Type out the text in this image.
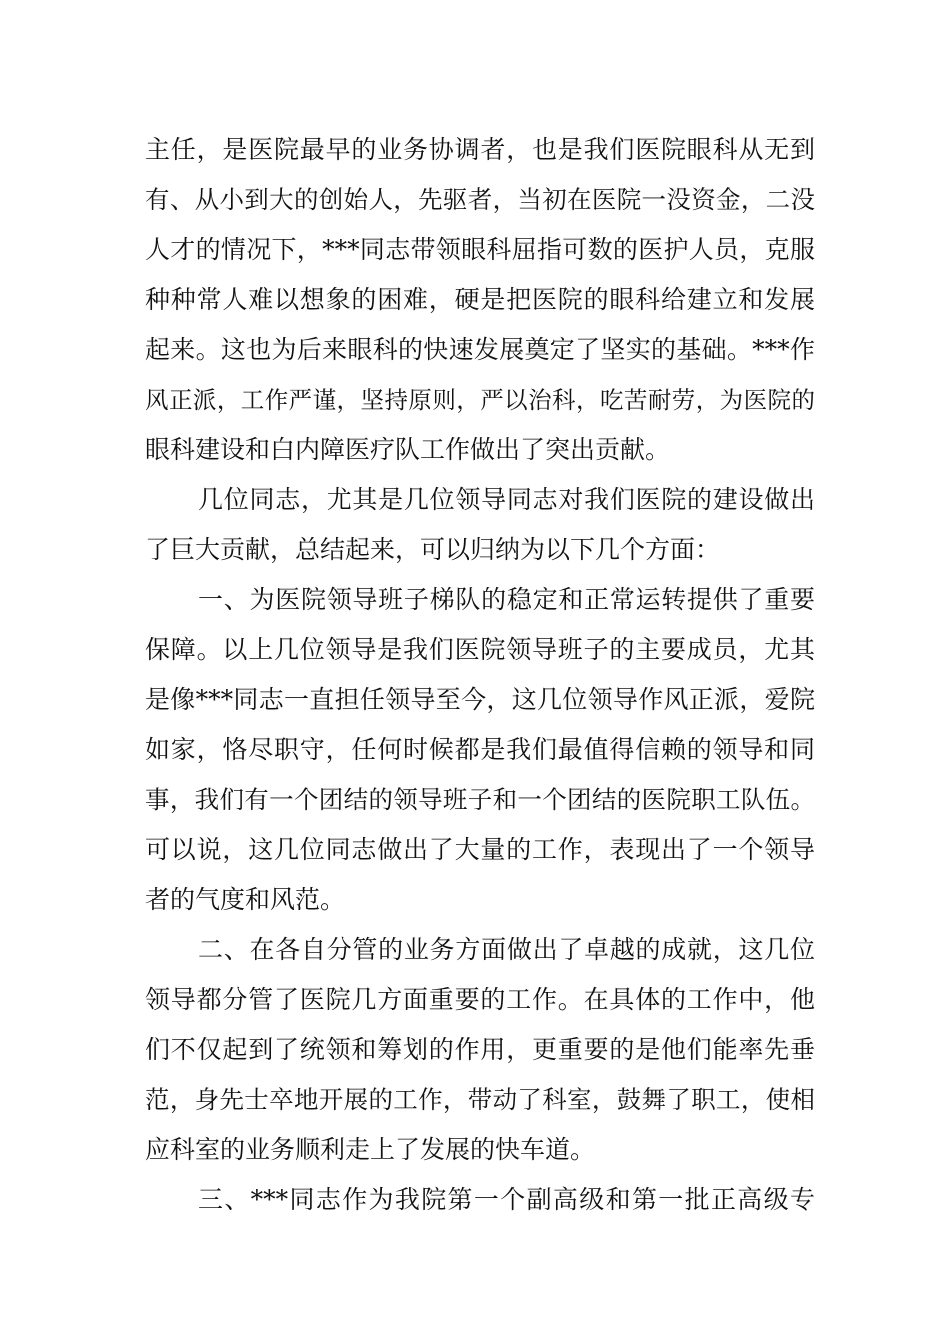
主任，是医院最早的业务协调者，也是我们医院眼科从无到
有、从小到大的创始人，先驱者，当初在医院一没资金，二没
人才的情况下，***同志带领眼科屈指可数的医护人员，克服
种种常人难以想象的困难，硬是把医院的眼科给建立和发展
起来。这也为后来眼科的快速发展奠定了坚实的基础。***作
风正派，工作严谨，坚持原则，严以治科，吃苦耐劳，为医院的
眼科建设和白内障医疗队工作做出了突出贡献。
几位同志，尤其是几位领导同志对我们医院的建设做出
了巨大贡献，总结起来，可以归纳为以下几个方面：
一、为医院领导班子梯队的稳定和正常运转提供了重要
保障。以上几位领导是我们医院领导班子的主要成员，尤其
是像***同志一直担任领导至今，这几位领导作风正派，爱院
如家，恪尽职守，任何时候都是我们最值得信赖的领导和同
事，我们有一个团结的领导班子和一个团结的医院职工队伍。
可以说，这几位同志做出了大量的工作，表现出了一个领导
者的气度和风范。
二、在各自分管的业务方面做出了卓越的成就，这几位
领导都分管了医院几方面重要的工作。在具体的工作中，他
们不仅起到了统领和筹划的作用，更重要的是他们能率先垂
范，身先士卒地开展的工作，带动了科室，鼓舞了职工，使相
应科室的业务顺利走上了发展的快车道。
三、***同志作为我院第一个副高级和第一批正高级专
